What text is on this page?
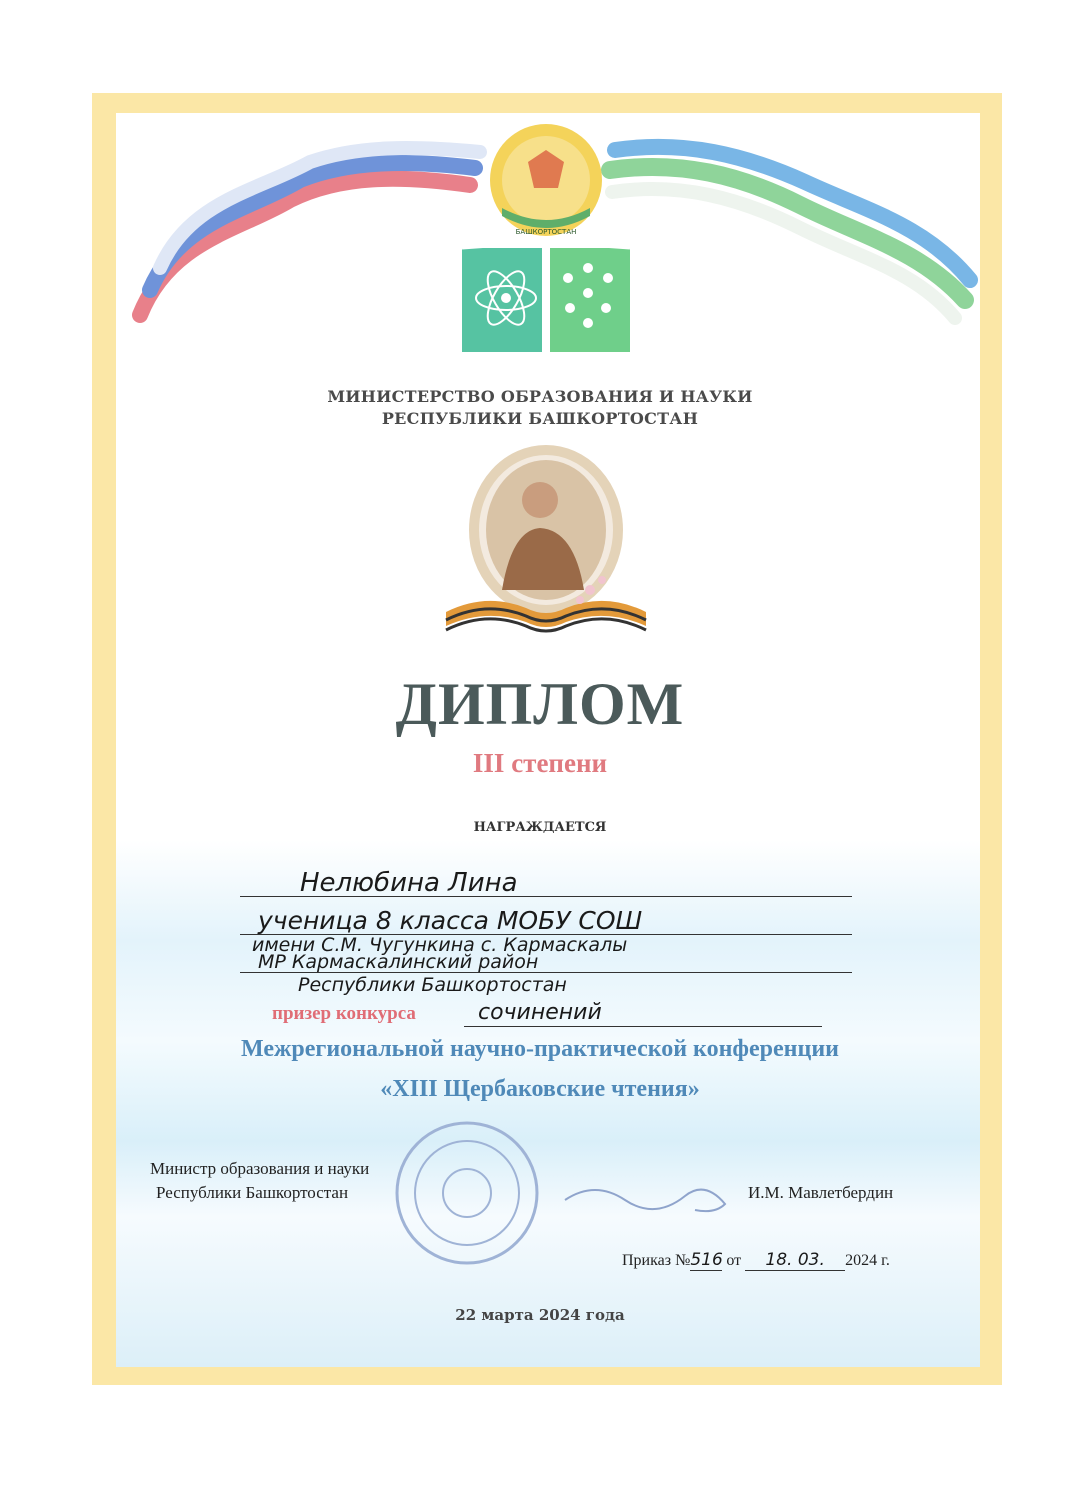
БАШКОРТОСТАН
МИНИСТЕРСТВО ОБРАЗОВАНИЯ И НАУКИ
РЕСПУБЛИКИ БАШКОРТОСТАН
ДИПЛОМ
III степени
НАГРАЖДАЕТСЯ
Нелюбина Лина
ученица 8 класса МОБУ СОШ
имени С.М. Чугункина с. Кармаскалы
МР Кармаскалинский район
Республики Башкортостан
призер конкурса	сочинений
Межрегиональной научно-практической конференции
«XIII Щербаковские чтения»
Министр образования и науки
Республики Башкортостан	И.М. Мавлетбердин
Приказ №516 от 18. 03. 2024 г.
22 марта 2024 года
